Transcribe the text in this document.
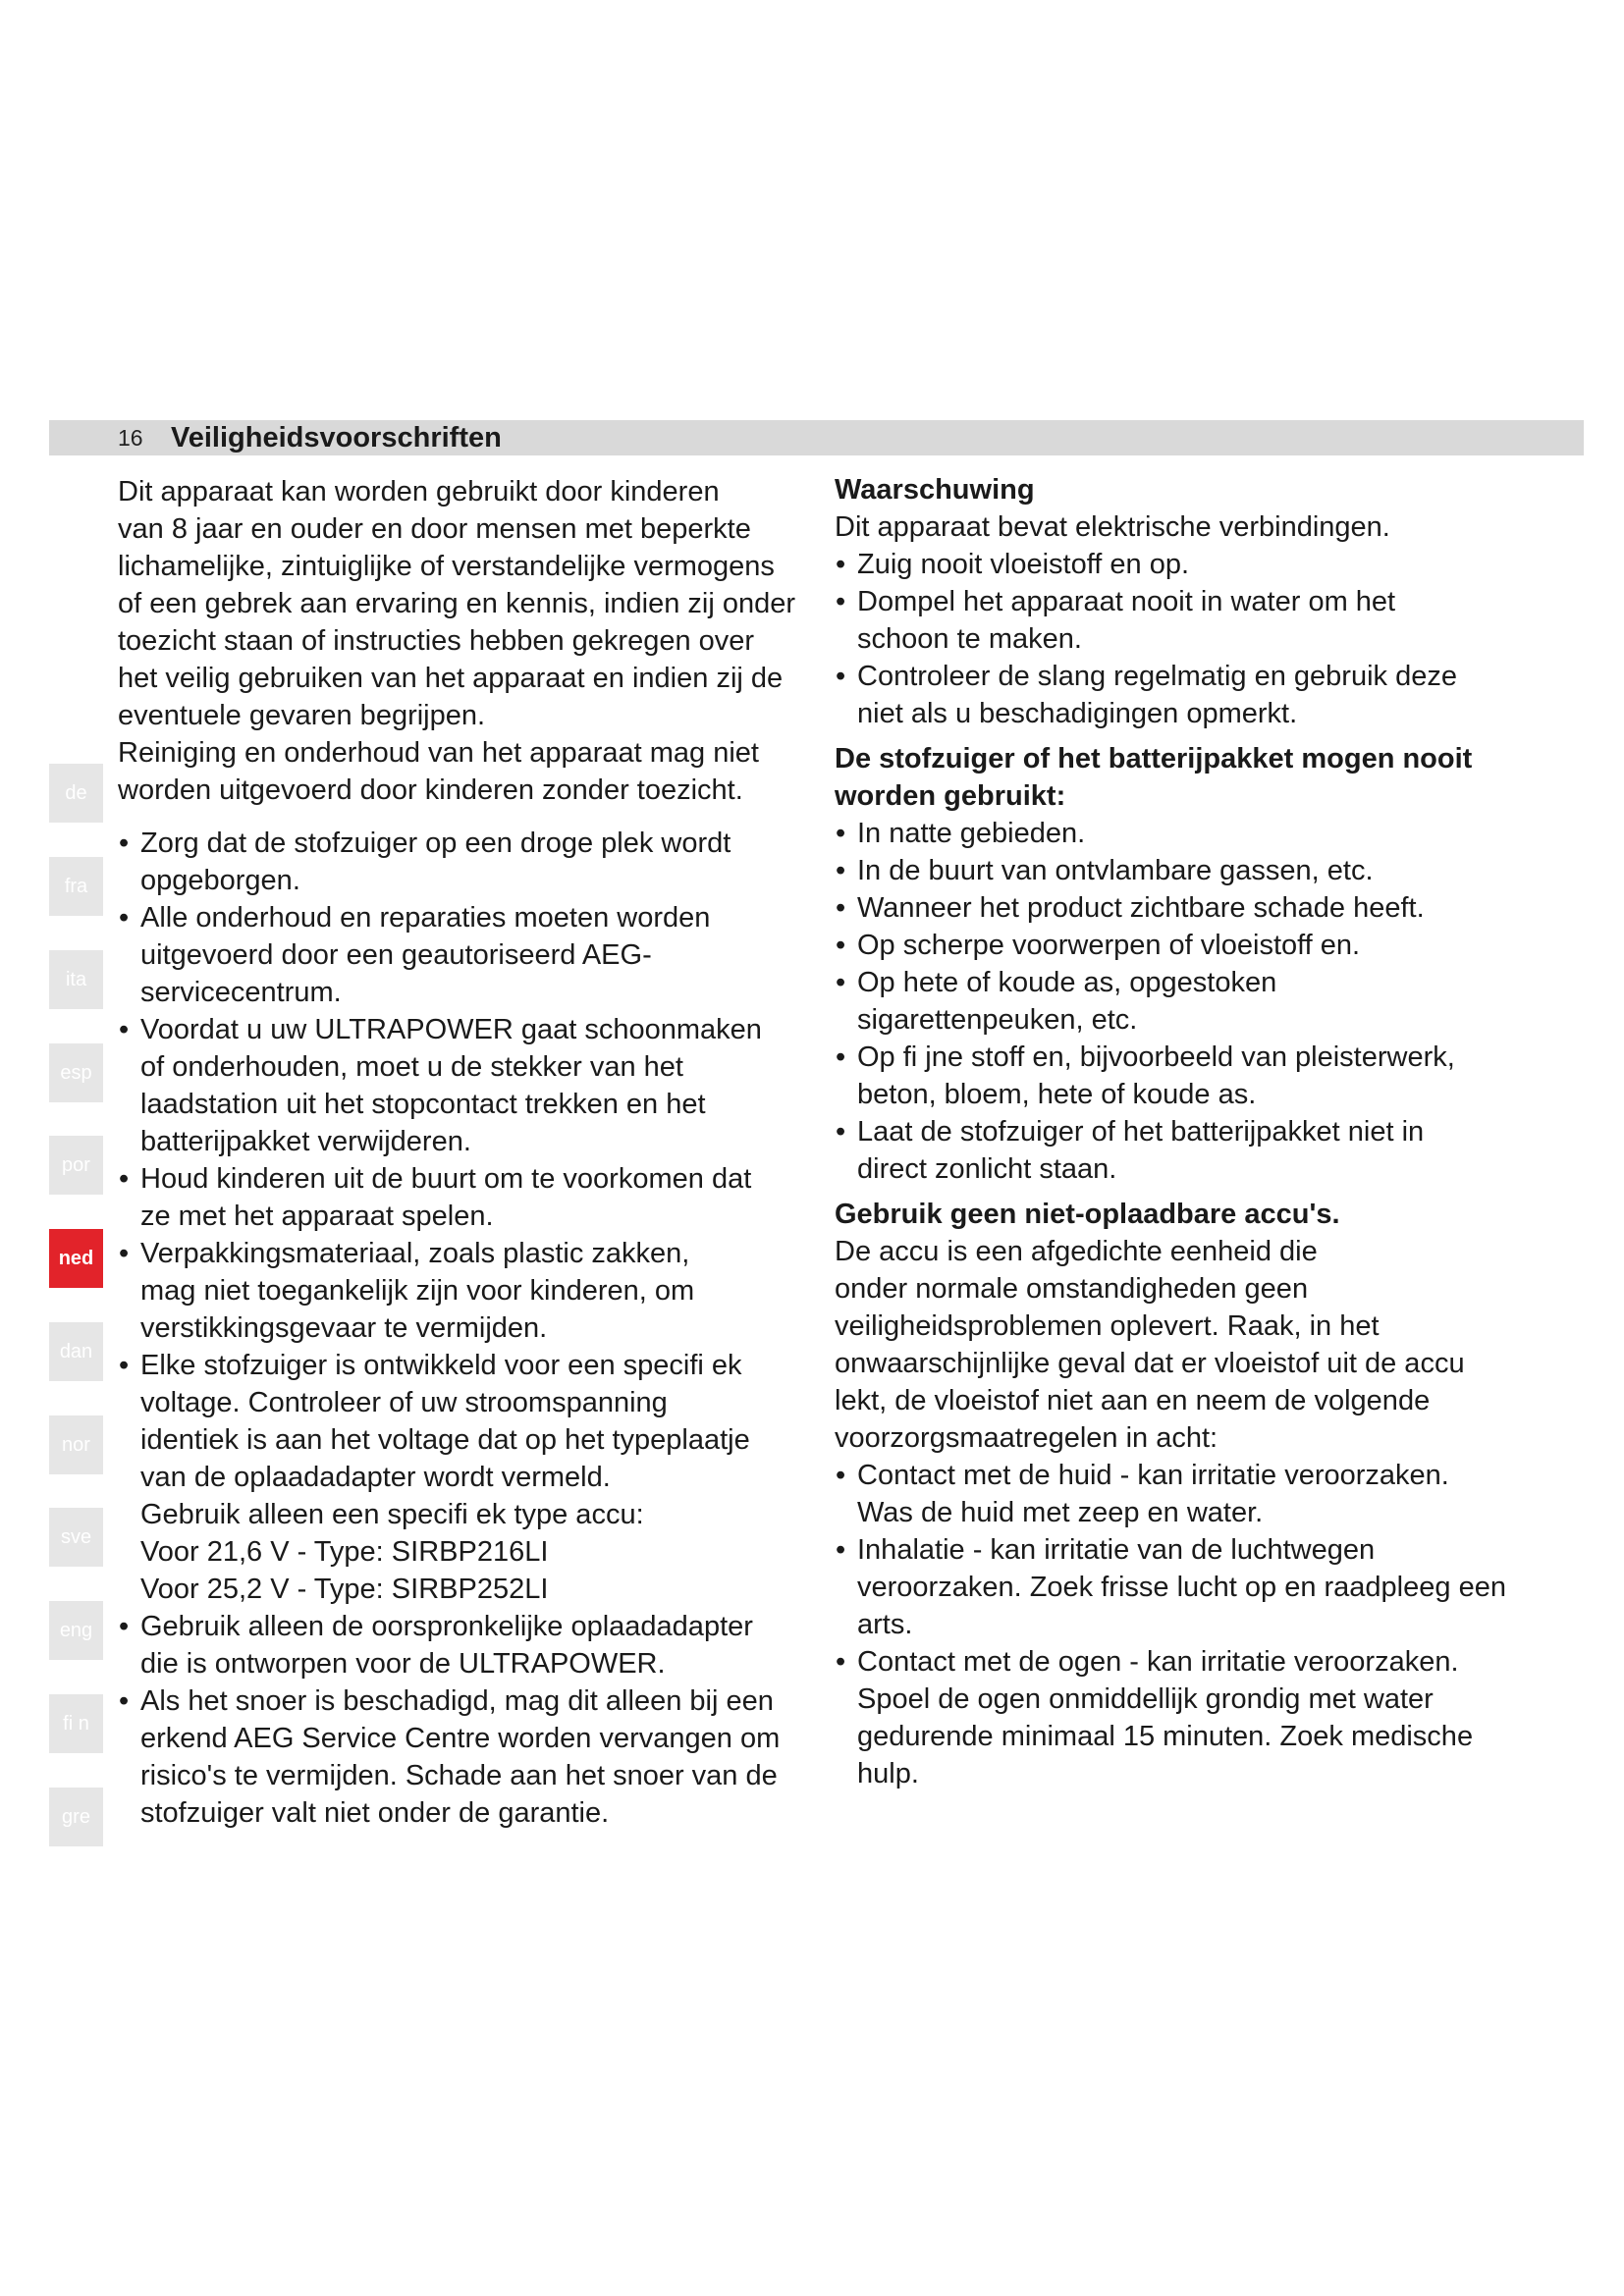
16 Veiligheidsvoorschriften
de
fra
ita
esp
por
ned
dan
nor
sve
eng
fi n
gre

Dit apparaat kan worden gebruikt door kinderen

van 8 jaar en ouder en door mensen met beperkte

lichamelijke, zintuiglijke of verstandelijke vermogens

of een gebrek aan ervaring en kennis, indien zij onder

toezicht staan of instructies hebben gekregen over

het veilig gebruiken van het apparaat en indien zij de

eventuele gevaren begrijpen.

Reiniging en onderhoud van het apparaat mag niet

worden uitgevoerd door kinderen zonder toezicht.

• Zorg dat de stofzuiger op een droge plek wordt

opgeborgen.

• Alle onderhoud en reparaties moeten worden

uitgevoerd door een geautoriseerd AEG-

servicecentrum.

• Voordat u uw ULTRAPOWER gaat schoonmaken

of onderhouden, moet u de stekker van het

laadstation uit het stopcontact trekken en het

batterijpakket verwijderen.

• Houd kinderen uit de buurt om te voorkomen dat

ze met het apparaat spelen.

• Verpakkingsmateriaal, zoals plastic zakken,

mag niet toegankelijk zijn voor kinderen, om

verstikkingsgevaar te vermijden.

• Elke stofzuiger is ontwikkeld voor een specifi ek

voltage. Controleer of uw stroomspanning

identiek is aan het voltage dat op het typeplaatje

van de oplaadadapter wordt vermeld.

Gebruik alleen een specifi ek type accu:

Voor 21,6 V - Type: SIRBP216LI

Voor 25,2 V - Type: SIRBP252LI

• Gebruik alleen de oorspronkelijke oplaadadapter

die is ontworpen voor de ULTRAPOWER.

• Als het snoer is beschadigd, mag dit alleen bij een

erkend AEG Service Centre worden vervangen om

risico's te vermijden. Schade aan het snoer van de

stofzuiger valt niet onder de garantie.

Waarschuwing

Dit apparaat bevat elektrische verbindingen.

• Zuig nooit vloeistoff en op.

• Dompel het apparaat nooit in water om het

schoon te maken.

• Controleer de slang regelmatig en gebruik deze

niet als u beschadigingen opmerkt.

De stofzuiger of het batterijpakket mogen nooit
worden gebruikt:

• In natte gebieden.

• In de buurt van ontvlambare gassen, etc.

• Wanneer het product zichtbare schade heeft.

• Op scherpe voorwerpen of vloeistoff en.

• Op hete of koude as, opgestoken

sigarettenpeuken, etc.

• Op fi jne stoff en, bijvoorbeeld van pleisterwerk,

beton, bloem, hete of koude as.

• Laat de stofzuiger of het batterijpakket niet in

direct zonlicht staan.

Gebruik geen niet-oplaadbare accu's.

De accu is een afgedichte eenheid die

onder normale omstandigheden geen

veiligheidsproblemen oplevert. Raak, in het

onwaarschijnlijke geval dat er vloeistof uit de accu

lekt, de vloeistof niet aan en neem de volgende

voorzorgsmaatregelen in acht:

• Contact met de huid - kan irritatie veroorzaken.

Was de huid met zeep en water.

• Inhalatie - kan irritatie van de luchtwegen

veroorzaken. Zoek frisse lucht op en raadpleeg een

arts.

• Contact met de ogen - kan irritatie veroorzaken.

Spoel de ogen onmiddellijk grondig met water

gedurende minimaal 15 minuten. Zoek medische

hulp.
